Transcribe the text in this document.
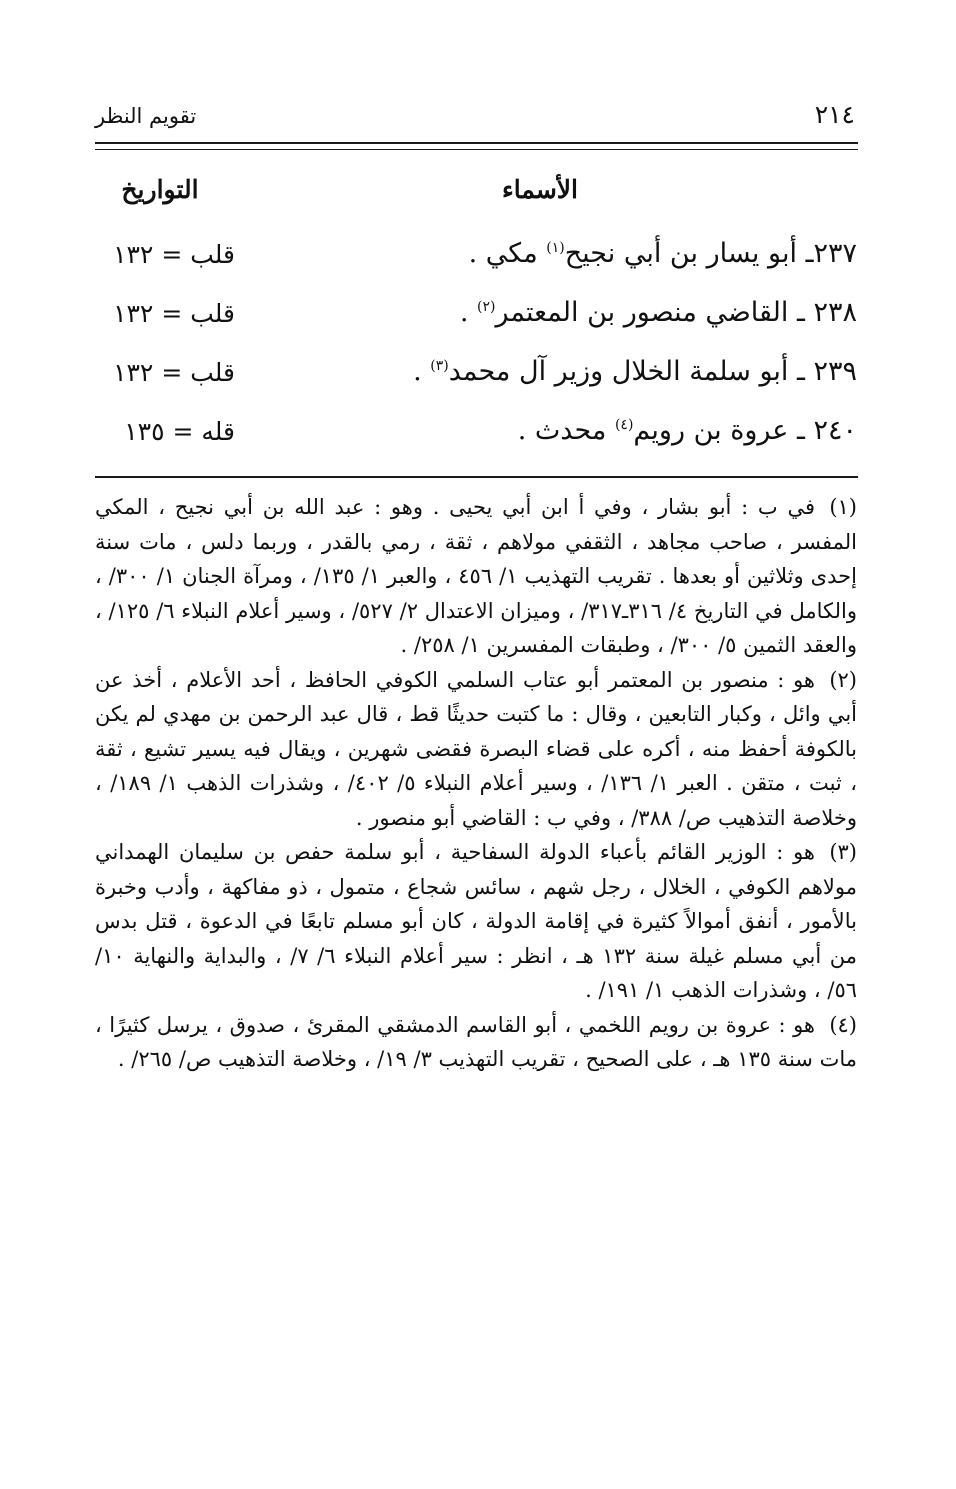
٢١٤
تقويم النظر
الأسماء
التواريخ
٢٣٧ـ أبو يسار بن أبي نجيح$^{(١)}$ مكي .
قلب = ١٣٢
٢٣٨ ـ القاضي منصور بن المعتمر$^{(٢)}$ .
قلب = ١٣٢
٢٣٩ ـ أبو سلمة الخلال وزير آل محمد$^{(٣)}$ .
قلب = ١٣٢
٢٤٠ ـ عروة بن رويم$^{(٤)}$ محدث .
قله = ١٣٥

(١)في ب : أبو بشار ، وفي أ ابن أبي يحيى . وهو : عبد الله بن أبي نجيح ، المكي المفسر ، صاحب مجاهد ، الثقفي مولاهم ، ثقة ، رمي بالقدر ، وربما دلس ، مات سنة إحدى وثلاثين أو بعدها . تقريب التهذيب ١/ ٤٥٦ ، والعبر ١/ ١٣٥/ ، ومرآة الجنان ١/ ٣٠٠/ ، والكامل في التاريخ ٤/ ٣١٦ـ٣١٧/ ، وميزان الاعتدال ٢/ ٥٢٧/ ، وسير أعلام النبلاء ٦/ ١٢٥/ ، والعقد الثمين ٥/ ٣٠٠/ ، وطبقات المفسرين ١/ ٢٥٨/ .

(٢)هو : منصور بن المعتمر أبو عتاب السلمي الكوفي الحافظ ، أحد الأعلام ، أخذ عن أبي وائل ، وكبار التابعين ، وقال : ما كتبت حديثًا قط ، قال عبد الرحمن بن مهدي لم يكن بالكوفة أحفظ منه ، أكره على قضاء البصرة فقضى شهرين ، ويقال فيه يسير تشيع ، ثقة ، ثبت ، متقن . العبر ١/ ١٣٦/ ، وسير أعلام النبلاء ٥/ ٤٠٢/ ، وشذرات الذهب ١/ ١٨٩/ ، وخلاصة التذهيب ص/ ٣٨٨/ ، وفي ب : القاضي أبو منصور .

(٣)هو : الوزير القائم بأعباء الدولة السفاحية ، أبو سلمة حفص بن سليمان الهمداني مولاهم الكوفي ، الخلال ، رجل شهم ، سائس شجاع ، متمول ، ذو مفاكهة ، وأدب وخبرة بالأمور ، أنفق أموالاً كثيرة في إقامة الدولة ، كان أبو مسلم تابعًا في الدعوة ، قتل بدس من أبي مسلم غيلة سنة ١٣٢ هـ ، انظر : سير أعلام النبلاء ٦/ ٧/ ، والبداية والنهاية ١٠/ ٥٦/ ، وشذرات الذهب ١/ ١٩١/ .

(٤)هو : عروة بن رويم اللخمي ، أبو القاسم الدمشقي المقرئ ، صدوق ، يرسل كثيرًا ، مات سنة ١٣٥ هـ ، على الصحيح ، تقريب التهذيب ٣/ ١٩/ ، وخلاصة التذهيب ص/ ٢٦٥/ .
